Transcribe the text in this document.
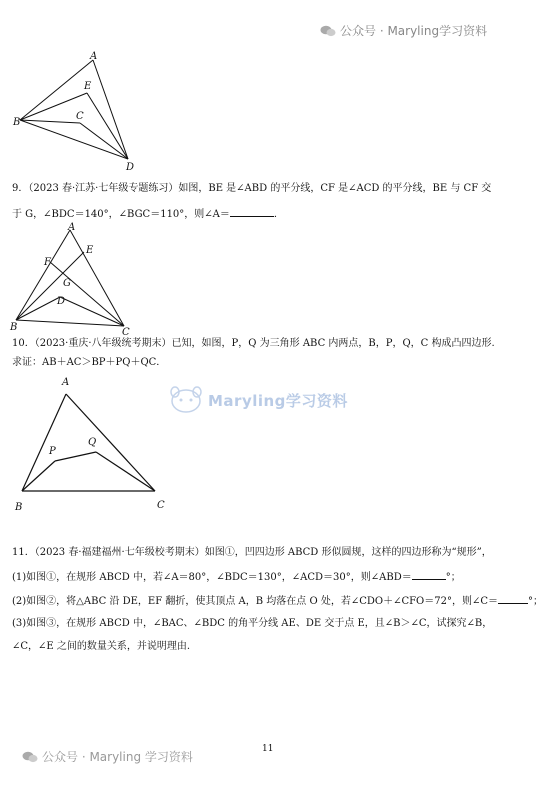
公众号 · Maryling学习资料
A
E
C
B
D
9．（2023 春·江苏·七年级专题练习）如图，BE 是∠ABD 的平分线，CF 是∠ACD 的平分线，BE 与 CF 交
于 G，∠BDC＝140°，∠BGC＝110°，则∠A＝	．
A
E
F
G
D
B	C
10．（2023·重庆·八年级统考期末）已知，如图，P，Q 为三角形 ABC 内两点，B，P，Q，C 构成凸四边形.
求证：AB＋AC＞BP＋PQ＋QC．
A
P
Q
B	C
Maryling学习资料
11．（2023 春·福建福州·七年级校考期末）如图①，凹四边形 ABCD 形似圆规，这样的四边形称为“规形”，
(1)如图①，在规形 ABCD 中，若∠A＝80°，∠BDC＝130°，∠ACD＝30°，则∠ABD＝	°；
(2)如图②，将△ABC 沿 DE，EF 翻折，使其顶点 A，B 均落在点 O 处，若∠CDO＋∠CFO＝72°，则∠C＝	°；
(3)如图③，在规形 ABCD 中，∠BAC、∠BDC 的角平分线 AE、DE 交于点 E，且∠B＞∠C，试探究∠B，
∠C，∠E 之间的数量关系，并说明理由.
11
公众号 · Maryling 学习资料
